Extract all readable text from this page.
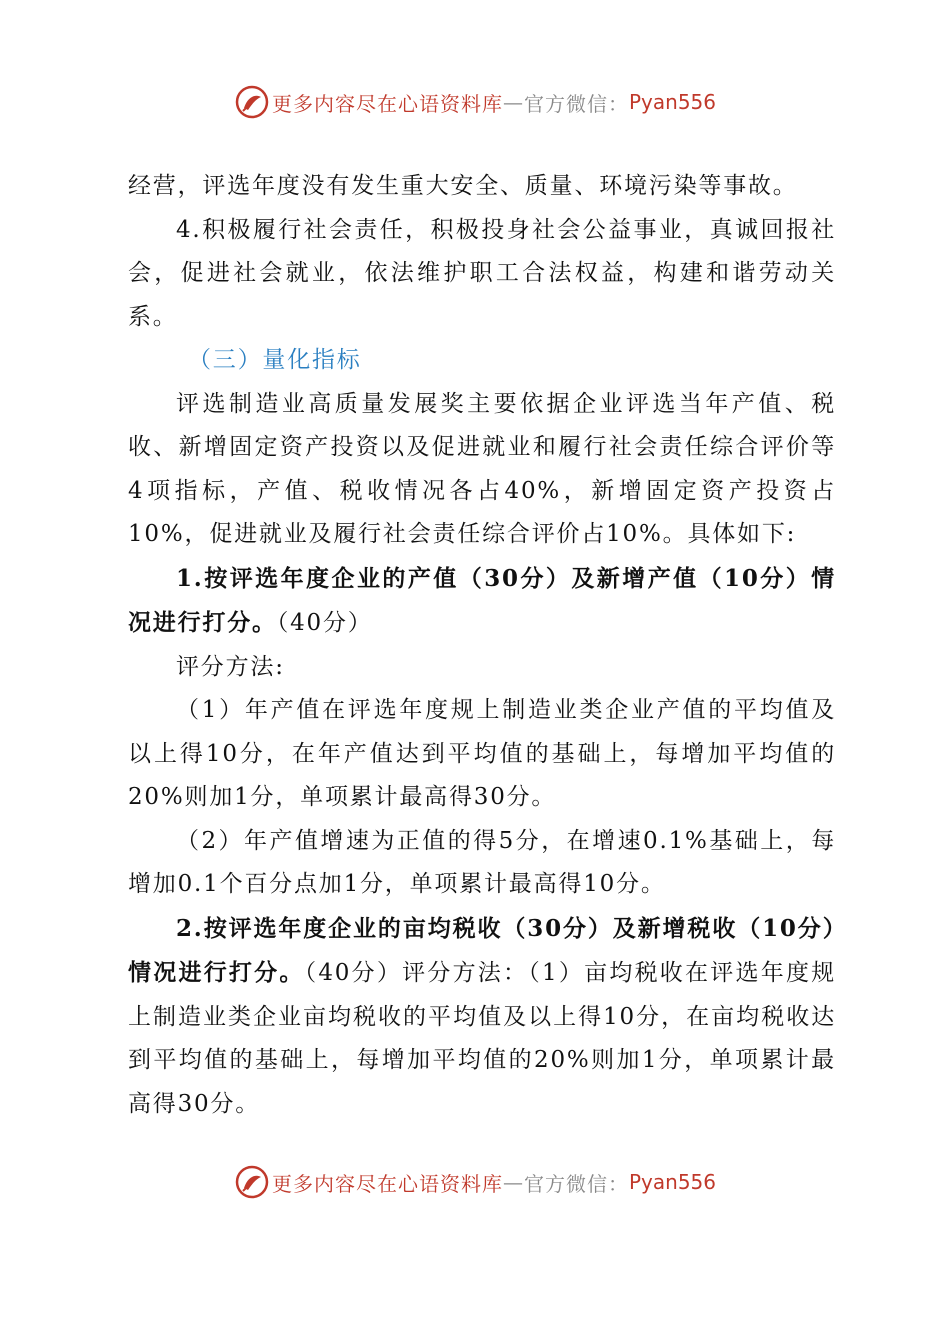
更多内容尽在心语资料库 — 官方微信： Pyan556

经营，评选年度没有发生重大安全、质量、环境污染等事故。

4.积极履行社会责任，积极投身社会公益事业，真诚回报社会，促进社会就业，依法维护职工合法权益，构建和谐劳动关系。

（三）量化指标

评选制造业高质量发展奖主要依据企业评选当年产值、税收、新增固定资产投资以及促进就业和履行社会责任综合评价等4项指标，产值、税收情况各占40%，新增固定资产投资占10%，促进就业及履行社会责任综合评价占10%。具体如下:

1.按评选年度企业的产值（30分）及新增产值（10分）情况进行打分。（40分）

评分方法:

（1）年产值在评选年度规上制造业类企业产值的平均值及以上得10分，在年产值达到平均值的基础上，每增加平均值的20%则加1分，单项累计最高得30分。

（2）年产值增速为正值的得5分，在增速0.1%基础上，每增加0.1个百分点加1分，单项累计最高得10分。

2.按评选年度企业的亩均税收（30分）及新增税收（10分）情况进行打分。（40分）评分方法：（1）亩均税收在评选年度规上制造业类企业亩均税收的平均值及以上得10分，在亩均税收达到平均值的基础上，每增加平均值的20%则加1分，单项累计最高得30分。

更多内容尽在心语资料库 — 官方微信： Pyan556
